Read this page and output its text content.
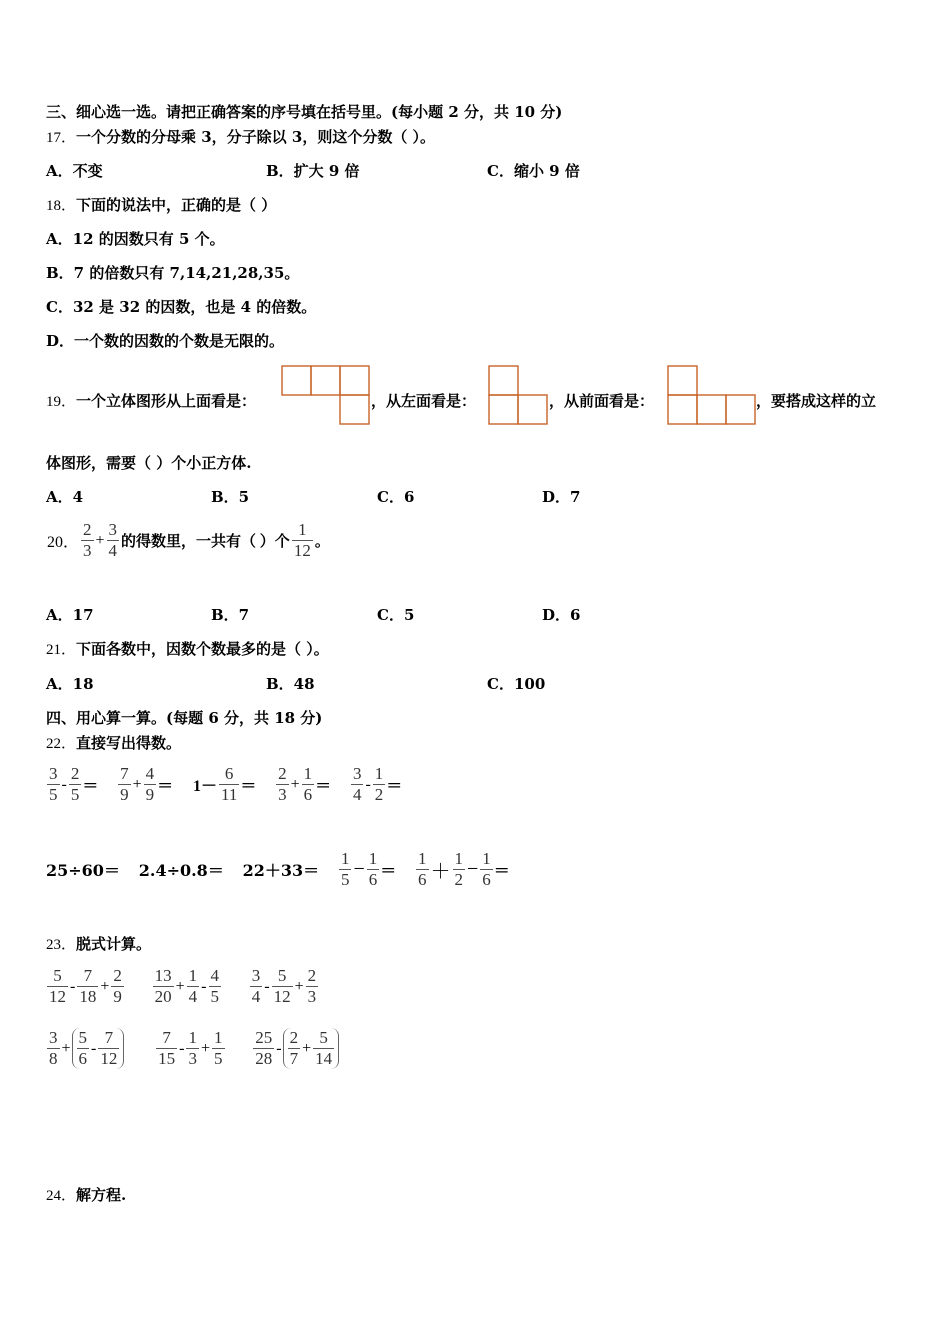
三、细心选一选。请把正确答案的序号填在括号里。(每小题 2 分，共 10 分)
17．一个分数的分母乘 3，分子除以 3，则这个分数（ ）。
A．不变	B．扩大 9 倍	C．缩小 9 倍
18．下面的说法中，正确的是（ ）
A．12 的因数只有 5 个。
B．7 的倍数只有 7,14,21,28,35。
C．32 是 32 的因数，也是 4 的倍数。
D．一个数的因数的个数是无限的。
19．一个立体图形从上面看是：	，从左面看是：	，从前面看是：	，要搭成这样的立
体图形，需要（ ）个小正方体.
A．4	B．5	C．6	D．7
20． $\frac{2}{3} + \frac{3}{4}$ 的得数里，一共有（ ）个 $\frac{1}{12}$ 。
A．17	B．7	C．5	D．6
21．下面各数中，因数个数最多的是（ ）。
A．18	B．48	C．100
四、用心算一算。(每题 6 分，共 18 分)
22．直接写出得数。
$\frac{3}{5} - \frac{2}{5} = \frac{7}{9} + \frac{4}{9} = 1- \frac{6}{11} = \frac{2}{3} + \frac{1}{6} = \frac{3}{4} - \frac{1}{2}$ ＝
$25\div 60= 2.4\div 0.8= 22+33= \frac{1}{5} - \frac{1}{6} = \frac{1}{6} + \frac{1}{2} - \frac{1}{6}$ ＝
23．脱式计算。
$\frac{5}{12} - \frac{7}{18} + \frac{2}{9}$
$\frac{13}{20} + \frac{1}{4} - \frac{4}{5}$
$\frac{3}{4} - \frac{5}{12} + \frac{2}{3}$
$\frac{3}{8} + \frac{5}{6} - \frac{7}{12}$
$\frac{7}{15} - \frac{1}{3} + \frac{1}{5}$
$\frac{25}{28} - \frac{2}{7} + \frac{5}{14}$
24．解方程.
